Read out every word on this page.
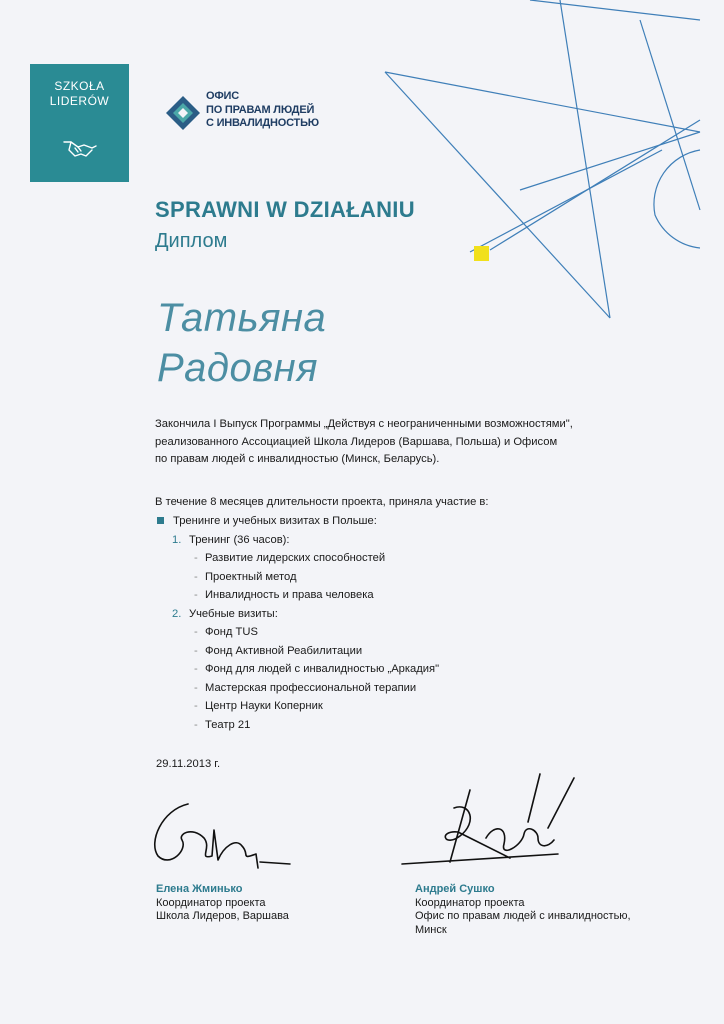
SZKOŁA
LIDERÓW	ОФИС
ПО ПРАВАМ ЛЮДЕЙ
С ИНВАЛИДНОСТЬЮ
SPRAWNI W DZIAŁANIU
Диплом
Татьяна
Радовня
Закончила I Выпуск Программы „Действуя с неограниченными возможностями",
реализованного Ассоциацией Школа Лидеров (Варшава, Польша) и Офисом
по правам людей с инвалидностью (Минск, Беларусь).
В течение 8 месяцев длительности проекта, приняла участие в:
Тренинге и учебных визитах в Польше:
1. Тренинг (36 часов):
- Развитие лидерских способностей
- Проектный метод
- Инвалидность и права человека
2. Учебные визиты:
- Фонд TUS
- Фонд Активной Реабилитации
- Фонд для людей с инвалидностью „Аркадия"
- Мастерская профессиональной терапии
- Центр Науки Коперник
- Театр 21
29.11.2013 г.
Елена Жминько
Координатор проекта
Школа Лидеров, Варшава
Андрей Сушко
Координатор проекта
Офис по правам людей с инвалидностью,
Минск
